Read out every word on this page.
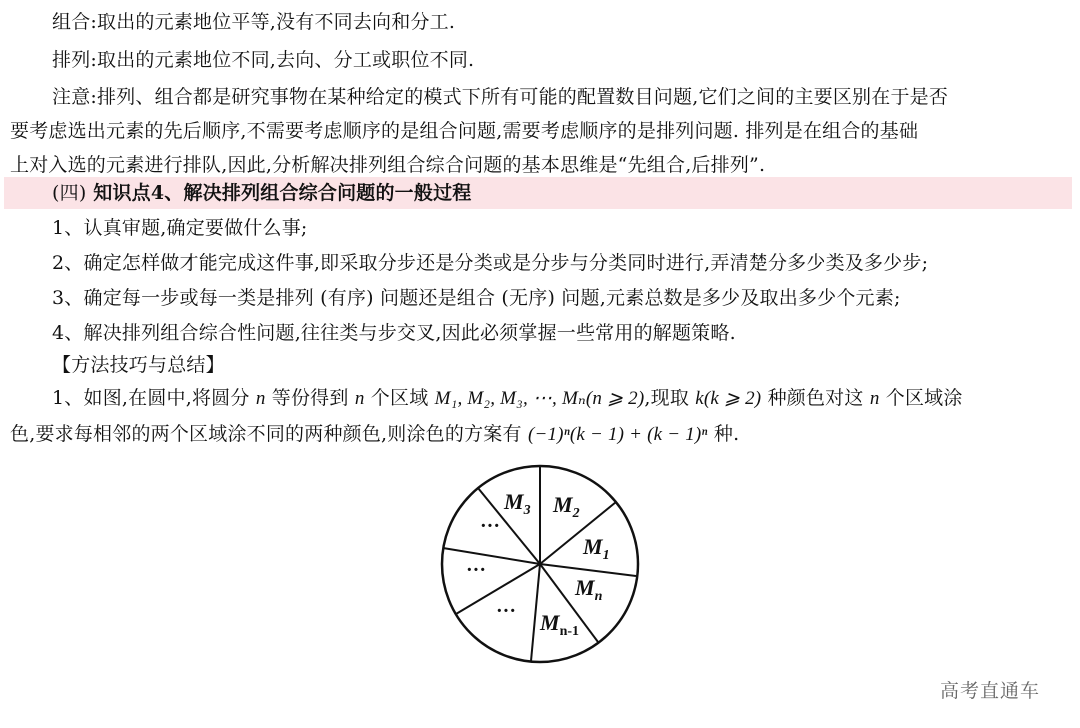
组合:取出的元素地位平等,没有不同去向和分工.
排列:取出的元素地位不同,去向、分工或职位不同.
注意:排列、组合都是研究事物在某种给定的模式下所有可能的配置数目问题,它们之间的主要区别在于是否
要考虑选出元素的先后顺序,不需要考虑顺序的是组合问题,需要考虑顺序的是排列问题. 排列是在组合的基础
上对入选的元素进行排队,因此,分析解决排列组合综合问题的基本思维是“先组合,后排列”.
(四) 知识点4、解决排列组合综合问题的一般过程
1、认真审题,确定要做什么事;
2、确定怎样做才能完成这件事,即采取分步还是分类或是分步与分类同时进行,弄清楚分多少类及多少步;
3、确定每一步或每一类是排列 (有序) 问题还是组合 (无序) 问题,元素总数是多少及取出多少个元素;
4、解决排列组合综合性问题,往往类与步交叉,因此必须掌握一些常用的解题策略.
【方法技巧与总结】
1、如图,在圆中,将圆分 n 等份得到 n 个区域 M₁, M₂, M₃, ⋯, Mₙ(n ⩾ 2),现取 k(k ⩾ 2) 种颜色对这 n 个区域涂
色,要求每相邻的两个区域涂不同的两种颜色,则涂色的方案有 (−1)ⁿ(k − 1) + (k − 1)ⁿ 种.
$M_3$ $M_2$
$M_1$
$M_n$
$M_{n-1}$
···
···
···
高考直通车
